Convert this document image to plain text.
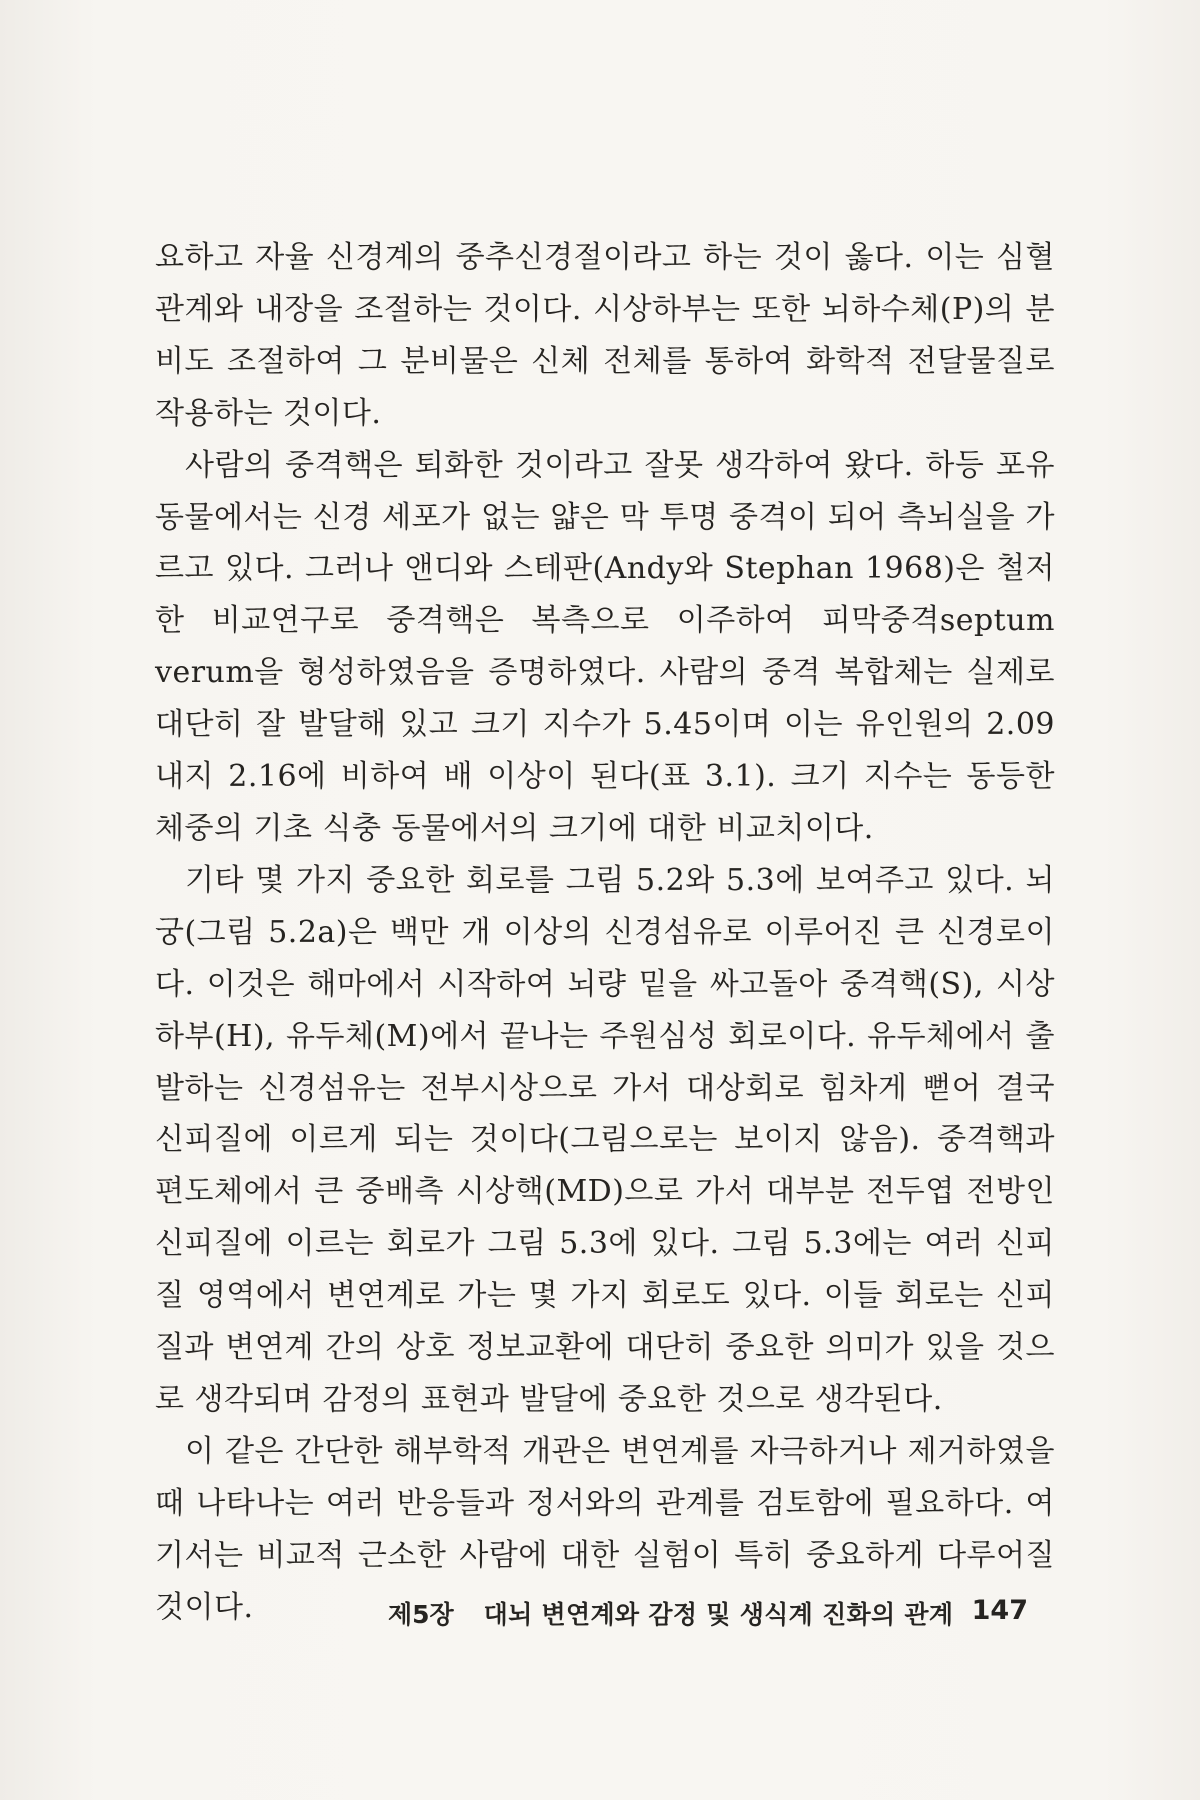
요하고 자율 신경계의 중추신경절이라고 하는 것이 옳다. 이는 심혈관계와 내장을 조절하는 것이다. 시상하부는 또한 뇌하수체(P)의 분비도 조절하여 그 분비물은 신체 전체를 통하여 화학적 전달물질로 작용하는 것이다.

사람의 중격핵은 퇴화한 것이라고 잘못 생각하여 왔다. 하등 포유동물에서는 신경 세포가 없는 얇은 막 투명 중격이 되어 측뇌실을 가르고 있다. 그러나 앤디와 스테판(Andy와 Stephan 1968)은 철저한 비교연구로 중격핵은 복측으로 이주하여 피막중격septum verum을 형성하였음을 증명하였다. 사람의 중격 복합체는 실제로 대단히 잘 발달해 있고 크기 지수가 5.45이며 이는 유인원의 2.09 내지 2.16에 비하여 배 이상이 된다(표 3.1). 크기 지수는 동등한 체중의 기초 식충 동물에서의 크기에 대한 비교치이다.

기타 몇 가지 중요한 회로를 그림 5.2와 5.3에 보여주고 있다. 뇌궁(그림 5.2a)은 백만 개 이상의 신경섬유로 이루어진 큰 신경로이다. 이것은 해마에서 시작하여 뇌량 밑을 싸고돌아 중격핵(S), 시상하부(H), 유두체(M)에서 끝나는 주원심성 회로이다. 유두체에서 출발하는 신경섬유는 전부시상으로 가서 대상회로 힘차게 뻗어 결국 신피질에 이르게 되는 것이다(그림으로는 보이지 않음). 중격핵과 편도체에서 큰 중배측 시상핵(MD)으로 가서 대부분 전두엽 전방인 신피질에 이르는 회로가 그림 5.3에 있다. 그림 5.3에는 여러 신피질 영역에서 변연계로 가는 몇 가지 회로도 있다. 이들 회로는 신피질과 변연계 간의 상호 정보교환에 대단히 중요한 의미가 있을 것으로 생각되며 감정의 표현과 발달에 중요한 것으로 생각된다.

이 같은 간단한 해부학적 개관은 변연계를 자극하거나 제거하였을 때 나타나는 여러 반응들과 정서와의 관계를 검토함에 필요하다. 여기서는 비교적 근소한 사람에 대한 실험이 특히 중요하게 다루어질 것이다.	제5장 대뇌 변연계와 감정 및 생식계 진화의 관계 147
